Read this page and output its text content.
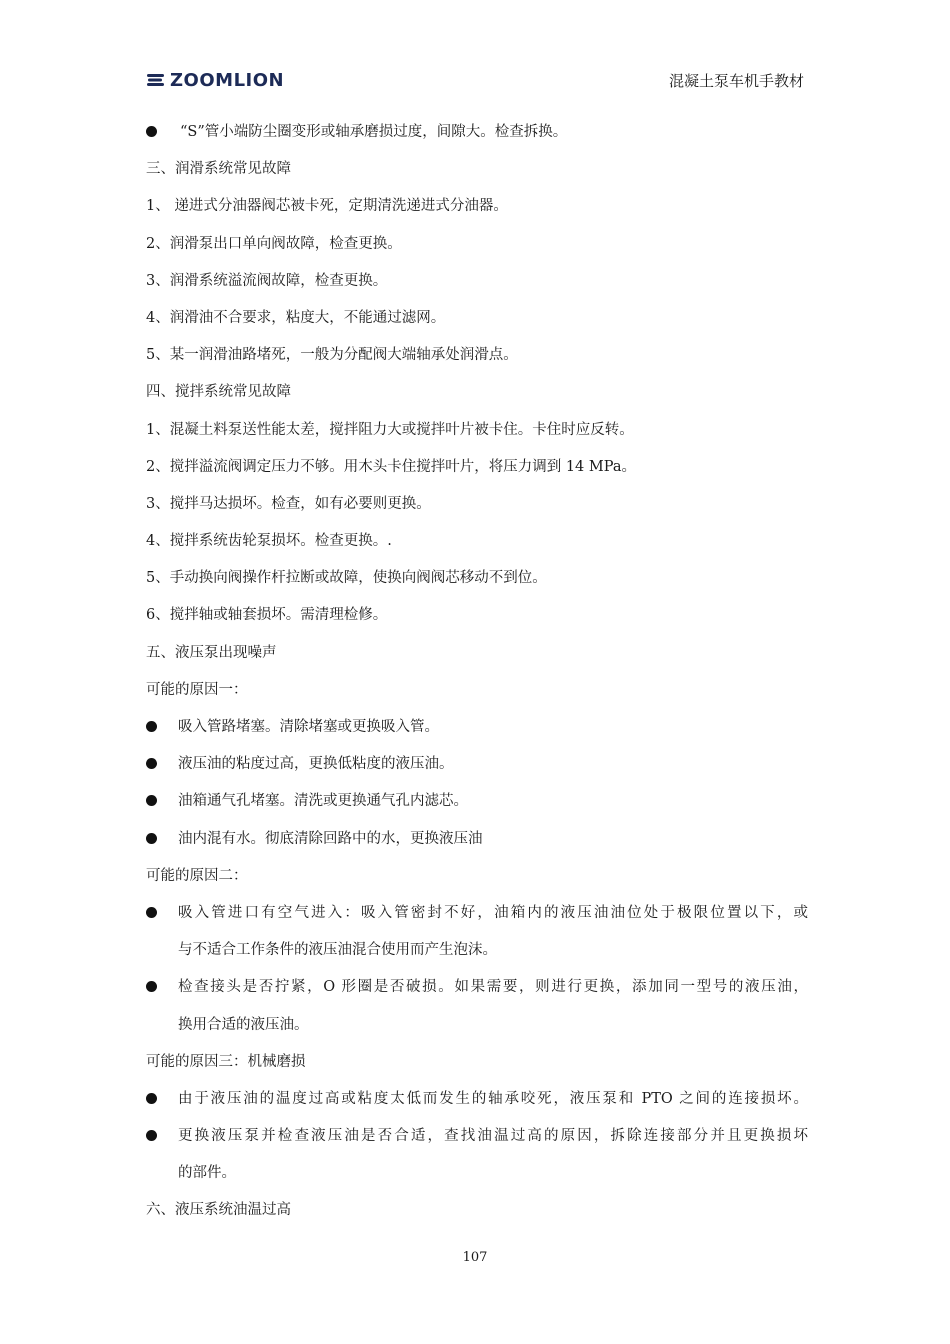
ZOOMLION	混凝土泵车机手教材
“S”管小端防尘圈变形或轴承磨损过度，间隙大。检查拆换。
三、润滑系统常见故障
1、 递进式分油器阀芯被卡死，定期清洗递进式分油器。
2、润滑泵出口单向阀故障，检查更换。
3、润滑系统溢流阀故障，检查更换。
4、润滑油不合要求，粘度大，不能通过滤网。
5、某一润滑油路堵死，一般为分配阀大端轴承处润滑点。
四、搅拌系统常见故障
1、混凝土料泵送性能太差，搅拌阻力大或搅拌叶片被卡住。卡住时应反转。
2、搅拌溢流阀调定压力不够。用木头卡住搅拌叶片，将压力调到 14 MPa。
3、搅拌马达损坏。检查，如有必要则更换。
4、搅拌系统齿轮泵损坏。检查更换。.
5、手动换向阀操作杆拉断或故障，使换向阀阀芯移动不到位。
6、搅拌轴或轴套损坏。需清理检修。
五、液压泵出现噪声
可能的原因一：
吸入管路堵塞。清除堵塞或更换吸入管。
液压油的粘度过高，更换低粘度的液压油。
油箱通气孔堵塞。清洗或更换通气孔内滤芯。
油内混有水。彻底清除回路中的水，更换液压油
可能的原因二：
吸入管进口有空气进入：吸入管密封不好，油箱内的液压油油位处于极限位置以下，或
与不适合工作条件的液压油混合使用而产生泡沫。
检查接头是否拧紧，O 形圈是否破损。如果需要，则进行更换，添加同一型号的液压油，
换用合适的液压油。
可能的原因三：机械磨损
由于液压油的温度过高或粘度太低而发生的轴承咬死，液压泵和 PTO 之间的连接损坏。
更换液压泵并检查液压油是否合适，查找油温过高的原因，拆除连接部分并且更换损坏
的部件。
六、液压系统油温过高
107
